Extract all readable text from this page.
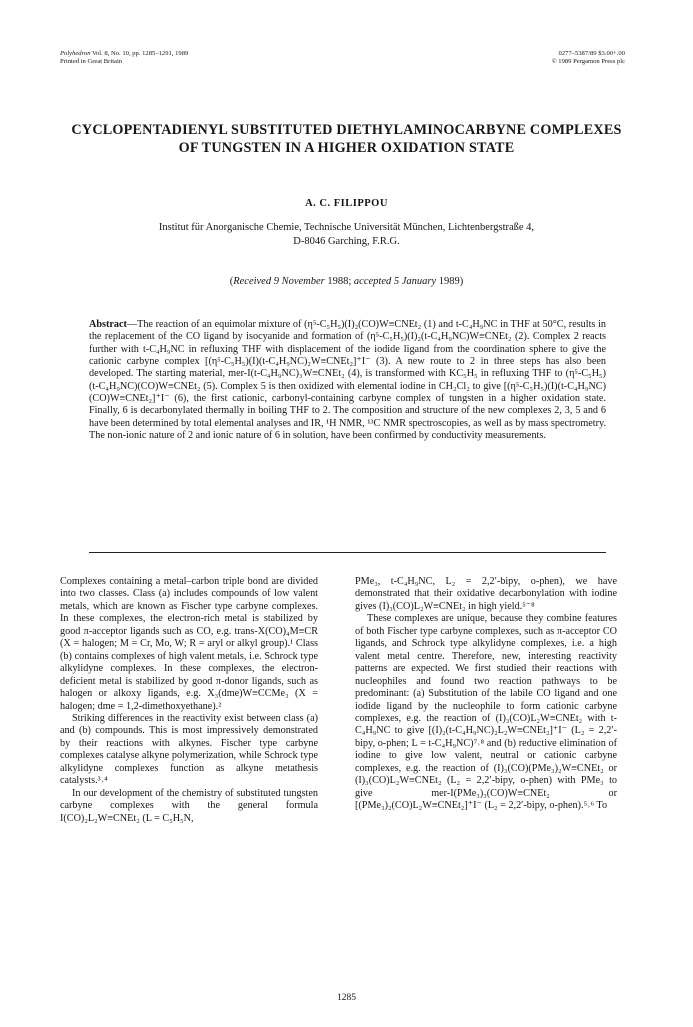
Polyhedron Vol. 8, No. 10, pp. 1285–1291, 1989
Printed in Great Britain
0277–5387/89 $3.00+.00
© 1989 Pergamon Press plc
CYCLOPENTADIENYL SUBSTITUTED DIETHYLAMINOCARBYNE COMPLEXES OF TUNGSTEN IN A HIGHER OXIDATION STATE
A. C. FILIPPOU
Institut für Anorganische Chemie, Technische Universität München, Lichtenbergstraße 4,
D-8046 Garching, F.R.G.
(Received 9 November 1988; accepted 5 January 1989)
Abstract—The reaction of an equimolar mixture of (η⁵-C₅H₅)(I)₂(CO)W≡CNEt₂ (1) and t-C₄H₉NC in THF at 50°C, results in the replacement of the CO ligand by isocyanide and formation of (η⁵-C₅H₅)(I)₂(t-C₄H₉NC)W≡CNEt₂ (2). Complex 2 reacts further with t-C₄H₉NC in refluxing THF with displacement of the iodide ligand from the coordination sphere to give the cationic carbyne complex [(η⁵-C₅H₅)(I)(t-C₄H₉NC)₂W≡CNEt₂]⁺I⁻ (3). A new route to 2 in three steps has also been developed. The starting material, mer-I(t-C₄H₉NC)₃W≡CNEt₂ (4), is transformed with KC₅H₅ in refluxing THF to (η⁵-C₅H₅)(t-C₄H₉NC)(CO)W≡CNEt₂ (5). Complex 5 is then oxidized with elemental iodine in CH₂Cl₂ to give [(η⁵-C₅H₅)(I)(t-C₄H₉NC)(CO)W≡CNEt₂]⁺I⁻ (6), the first cationic, carbonyl-containing carbyne complex of tungsten in a higher oxidation state. Finally, 6 is decarbonylated thermally in boiling THF to 2. The composition and structure of the new complexes 2, 3, 5 and 6 have been determined by total elemental analyses and IR, ¹H NMR, ¹³C NMR spectroscopies, as well as by mass spectrometry. The non-ionic nature of 2 and ionic nature of 6 in solution, have been confirmed by conductivity measurements.

Complexes containing a metal–carbon triple bond are divided into two classes. Class (a) includes compounds of low valent metals, which are known as Fischer type carbyne complexes. In these complexes, the electron-rich metal is stabilized by good π-acceptor ligands such as CO, e.g. trans-X(CO)₄M≡CR (X = halogen; M = Cr, Mo, W; R = aryl or alkyl group).¹ Class (b) contains complexes of high valent metals, i.e. Schrock type alkylidyne complexes. In these complexes, the electron-deficient metal is stabilized by good π-donor ligands, such as halogen or alkoxy ligands, e.g. X₃(dme)W≡CCMe₃ (X = halogen; dme = 1,2-dimethoxyethane).²

Striking differences in the reactivity exist between class (a) and (b) compounds. This is most impressively demonstrated by their reactions with alkynes. Fischer type carbyne complexes catalyse alkyne polymerization, while Schrock type alkylidyne complexes function as alkyne metathesis catalysts.³˒⁴

In our development of the chemistry of substituted tungsten carbyne complexes with the general formula I(CO)₂L₂W≡CNEt₂ (L = C₅H₅N,

PMe₃, t-C₄H₉NC, L₂ = 2,2′-bipy, o-phen), we have demonstrated that their oxidative decarbonylation with iodine gives (I)₃(CO)L₂W≡CNEt₂ in high yield.⁵⁻⁸

These complexes are unique, because they combine features of both Fischer type carbyne complexes, such as π-acceptor CO ligands, and Schrock type alkylidyne complexes, i.e. a high valent metal centre. Therefore, new, interesting reactivity patterns are expected. We first studied their reactions with nucleophiles and found two reaction pathways to be predominant: (a) Substitution of the labile CO ligand and one iodide ligand by the nucleophile to form cationic carbyne complexes, e.g. the reaction of (I)₃(CO)L₂W≡CNEt₂ with t-C₄H₉NC to give [(I)₂(t-C₄H₉NC)₂L₂W≡CNEt₂]⁺I⁻ (L₂ = 2,2′-bipy, o-phen; L = t-C₄H₉NC)⁷˒⁸ and (b) reductive elimination of iodine to give low valent, neutral or cationic carbyne complexes, e.g. the reaction of (I)₃(CO)(PMe₃)₂W≡CNEt₂ or (I)₃(CO)L₂W≡CNEt₂ (L₂ = 2,2′-bipy, o-phen) with PMe₃ to give mer-I(PMe₃)₃(CO)W≡CNEt₂ or [(PMe₃)₂(CO)L₂W≡CNEt₂]⁺I⁻ (L₂ = 2,2′-bipy, o-phen).⁵˒⁶ To

1285
